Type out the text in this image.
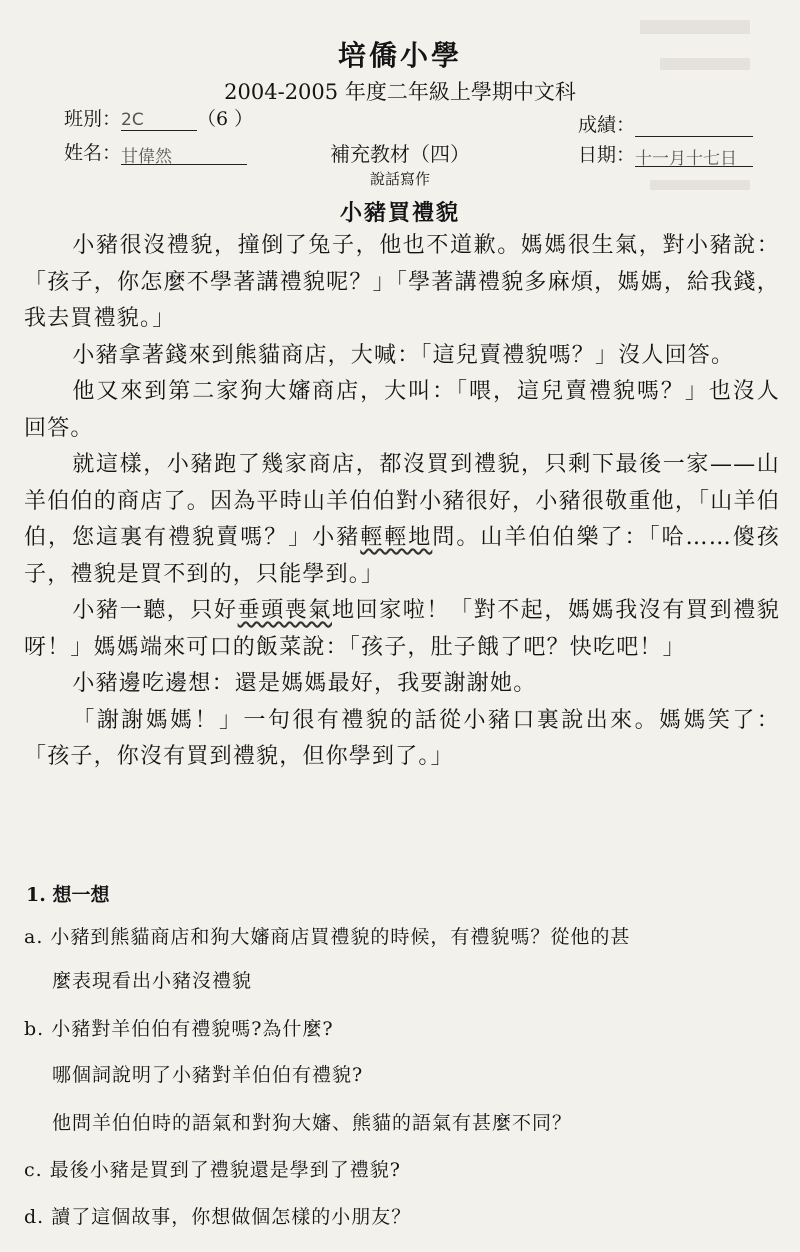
培僑小學
2004-2005 年度二年級上學期中文科
班別：2C	（6 ）	成績：
姓名：甘偉然	補充教材（四）	日期：十一月十七日
說話寫作
小豬買禮貌

小豬很沒禮貌，撞倒了兔子，他也不道歉。媽媽很生氣，對小豬說：「孩子，你怎麼不學著講禮貌呢？」「學著講禮貌多麻煩，媽媽，給我錢，我去買禮貌。」

小豬拿著錢來到熊貓商店，大喊：「這兒賣禮貌嗎？」沒人回答。

他又來到第二家狗大嬸商店，大叫：「喂，這兒賣禮貌嗎？」也沒人回答。

就這樣，小豬跑了幾家商店，都沒買到禮貌，只剩下最後一家——山羊伯伯的商店了。因為平時山羊伯伯對小豬很好，小豬很敬重他，「山羊伯伯，您這裏有禮貌賣嗎？」小豬輕輕地問。山羊伯伯樂了：「哈……傻孩子，禮貌是買不到的，只能學到。」

小豬一聽，只好垂頭喪氣地回家啦！「對不起，媽媽我沒有買到禮貌呀！」媽媽端來可口的飯菜說：「孩子，肚子餓了吧？快吃吧！」

小豬邊吃邊想：還是媽媽最好，我要謝謝她。

「謝謝媽媽！」一句很有禮貌的話從小豬口裏說出來。媽媽笑了：「孩子，你沒有買到禮貌，但你學到了。」

1. 想一想
a. 小豬到熊貓商店和狗大嬸商店買禮貌的時候，有禮貌嗎？從他的甚
麼表現看出小豬沒禮貌
b. 小豬對羊伯伯有禮貌嗎?為什麼?
哪個詞說明了小豬對羊伯伯有禮貌?
他問羊伯伯時的語氣和對狗大嬸、熊貓的語氣有甚麼不同？
c. 最後小豬是買到了禮貌還是學到了禮貌?
d. 讀了這個故事，你想做個怎樣的小朋友？
